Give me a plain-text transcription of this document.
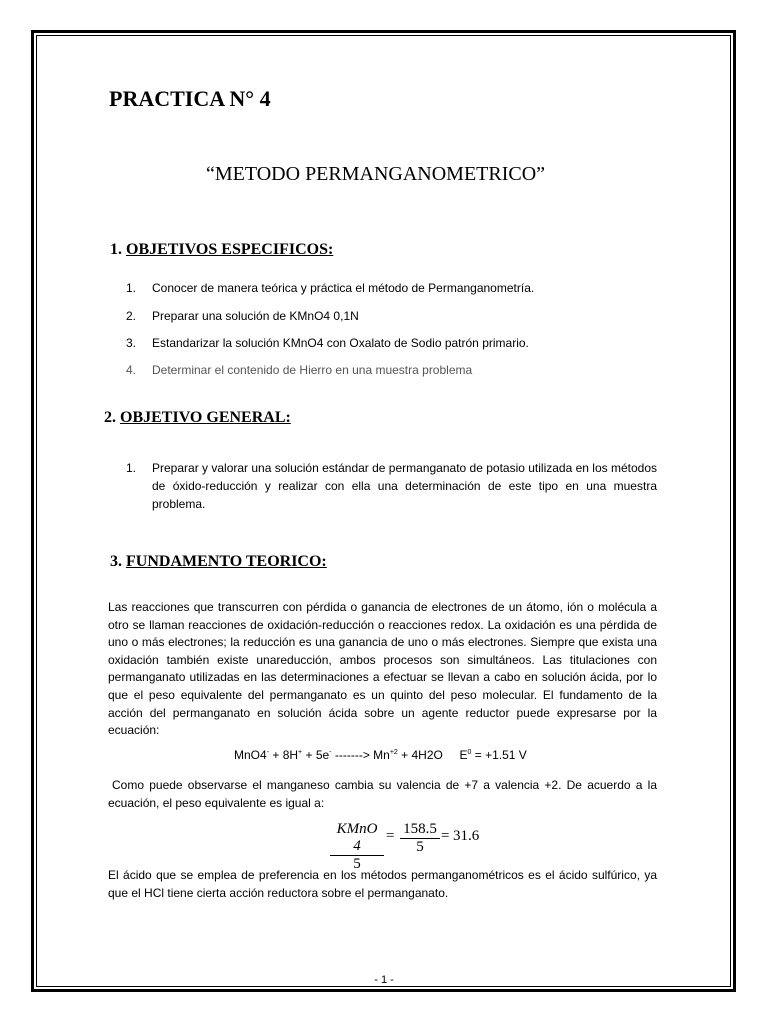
PRACTICA N° 4
“METODO PERMANGANOMETRICO”
1. OBJETIVOS ESPECIFICOS:
1.	Conocer de manera teórica y práctica el método de Permanganometría.
2.	Preparar una solución de KMnO4 0,1N
3.	Estandarizar la solución KMnO4 con Oxalato de Sodio patrón primario.
4.	Determinar el contenido de Hierro en una muestra problema
2. OBJETIVO GENERAL:
1.	Preparar y valorar una solución estándar de permanganato de potasio utilizada en los métodos de óxido-reducción y realizar con ella una determinación de este tipo en una muestra problema.
3. FUNDAMENTO TEORICO:
Las reacciones que transcurren con pérdida o ganancia de electrones de un átomo, ión o molécula a otro se llaman reacciones de oxidación-reducción o reacciones redox. La oxidación es una pérdida de uno o más electrones; la reducción es una ganancia de uno o más electrones. Siempre que exista una oxidación también existe unareducción, ambos procesos son simultáneos. Las titulaciones con permanganato utilizadas en las determinaciones a efectuar se llevan a cabo en solución ácida, por lo que el peso equivalente del permanganato es un quinto del peso molecular. El fundamento de la acción del permanganato en solución ácida sobre un agente reductor puede expresarse por la ecuación:
MnO4- + 8H+ + 5e- -------> $Mn^{+2} + 4H2O$     $E^0 = +1.51$ V
Como puede observarse el manganeso cambia su valencia de +7 a valencia +2. De acuerdo a la ecuación, el peso equivalente es igual a:
KMnO 4
5
= $\frac{158.5}{5} = 31.6$
El ácido que se emplea de preferencia en los métodos permanganométricos es el ácido sulfúrico, ya que el HCl tiene cierta acción reductora sobre el permanganato.
- 1 -
